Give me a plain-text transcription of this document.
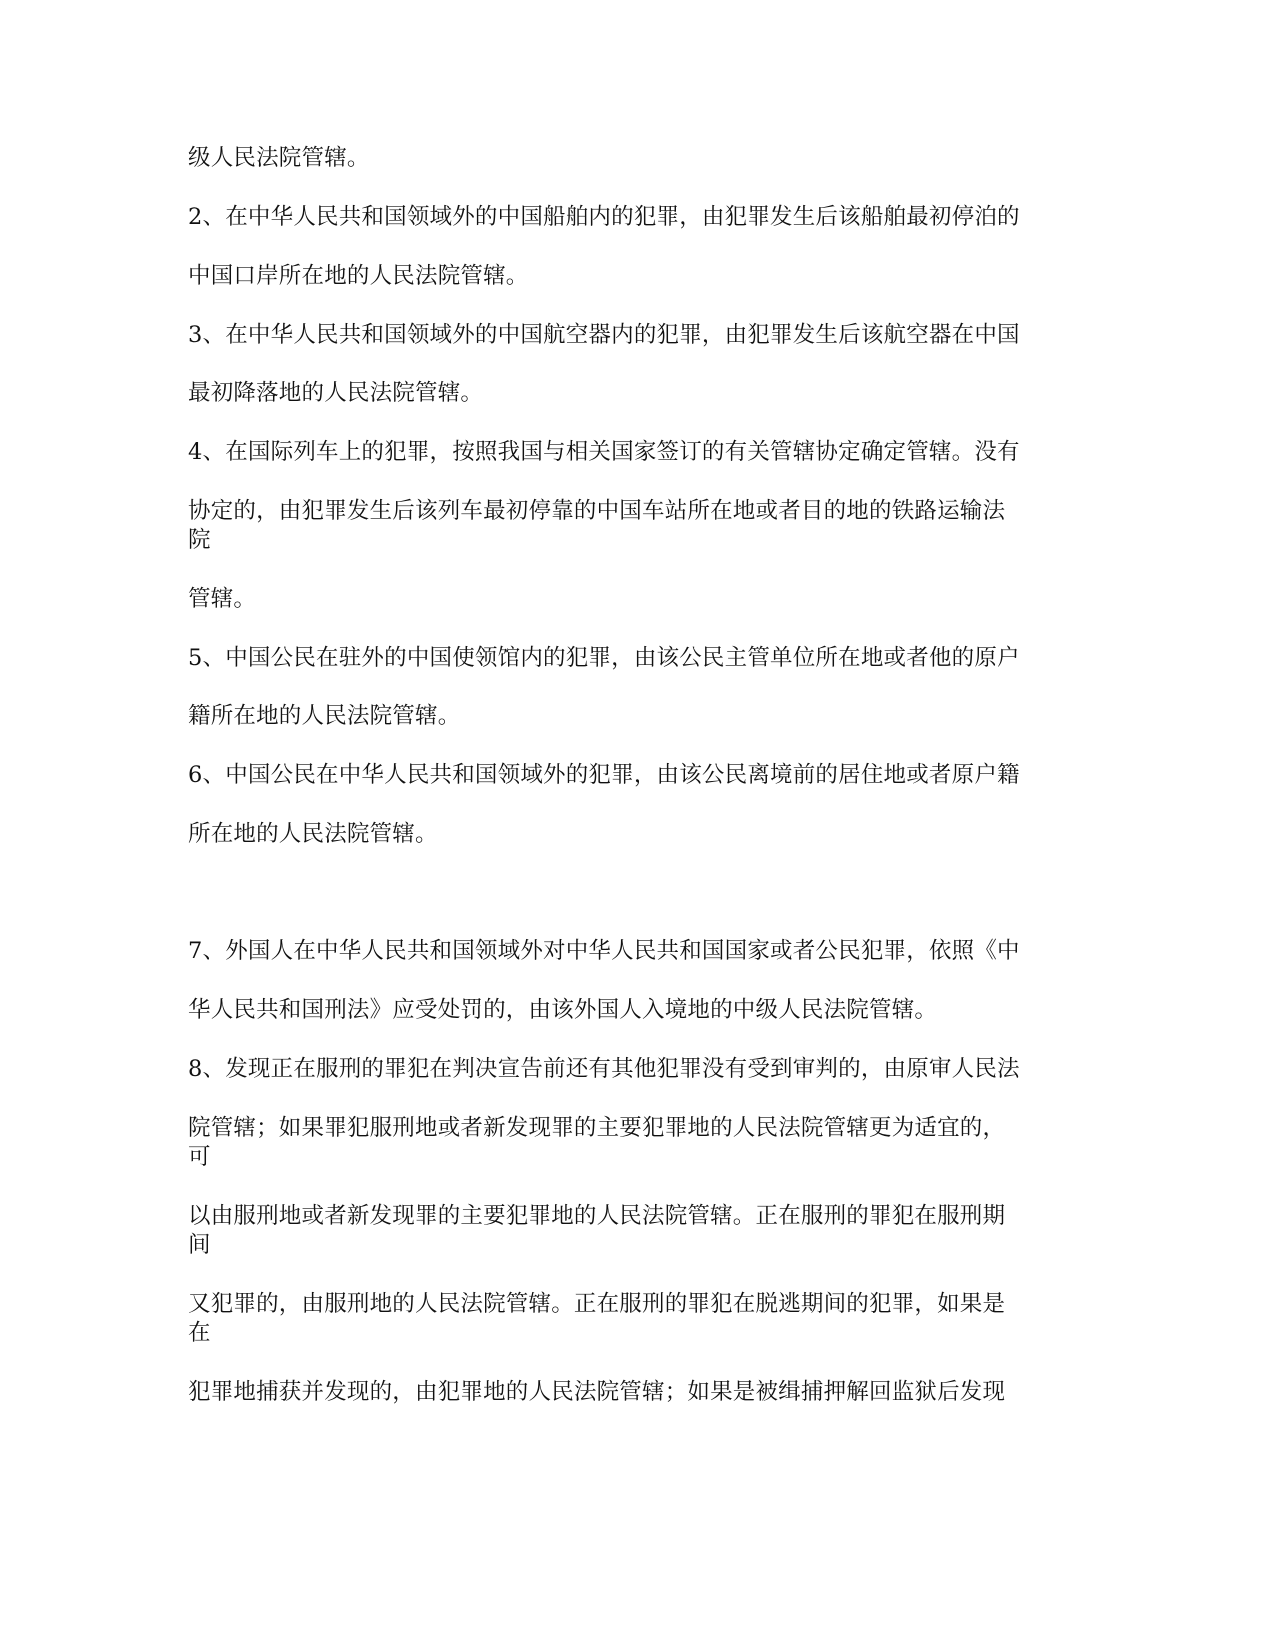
级人民法院管辖。
2、在中华人民共和国领域外的中国船舶内的犯罪，由犯罪发生后该船舶最初停泊的
中国口岸所在地的人民法院管辖。
3、在中华人民共和国领域外的中国航空器内的犯罪，由犯罪发生后该航空器在中国
最初降落地的人民法院管辖。
4、在国际列车上的犯罪，按照我国与相关国家签订的有关管辖协定确定管辖。没有
协定的，由犯罪发生后该列车最初停靠的中国车站所在地或者目的地的铁路运输法
院
管辖。
5、中国公民在驻外的中国使领馆内的犯罪，由该公民主管单位所在地或者他的原户
籍所在地的人民法院管辖。
6、中国公民在中华人民共和国领域外的犯罪，由该公民离境前的居住地或者原户籍
所在地的人民法院管辖。
7、外国人在中华人民共和国领域外对中华人民共和国国家或者公民犯罪，依照《中
华人民共和国刑法》应受处罚的，由该外国人入境地的中级人民法院管辖。
8、发现正在服刑的罪犯在判决宣告前还有其他犯罪没有受到审判的，由原审人民法
院管辖；如果罪犯服刑地或者新发现罪的主要犯罪地的人民法院管辖更为适宜的，
可
以由服刑地或者新发现罪的主要犯罪地的人民法院管辖。正在服刑的罪犯在服刑期
间
又犯罪的，由服刑地的人民法院管辖。正在服刑的罪犯在脱逃期间的犯罪，如果是
在
犯罪地捕获并发现的，由犯罪地的人民法院管辖；如果是被缉捕押解回监狱后发现
